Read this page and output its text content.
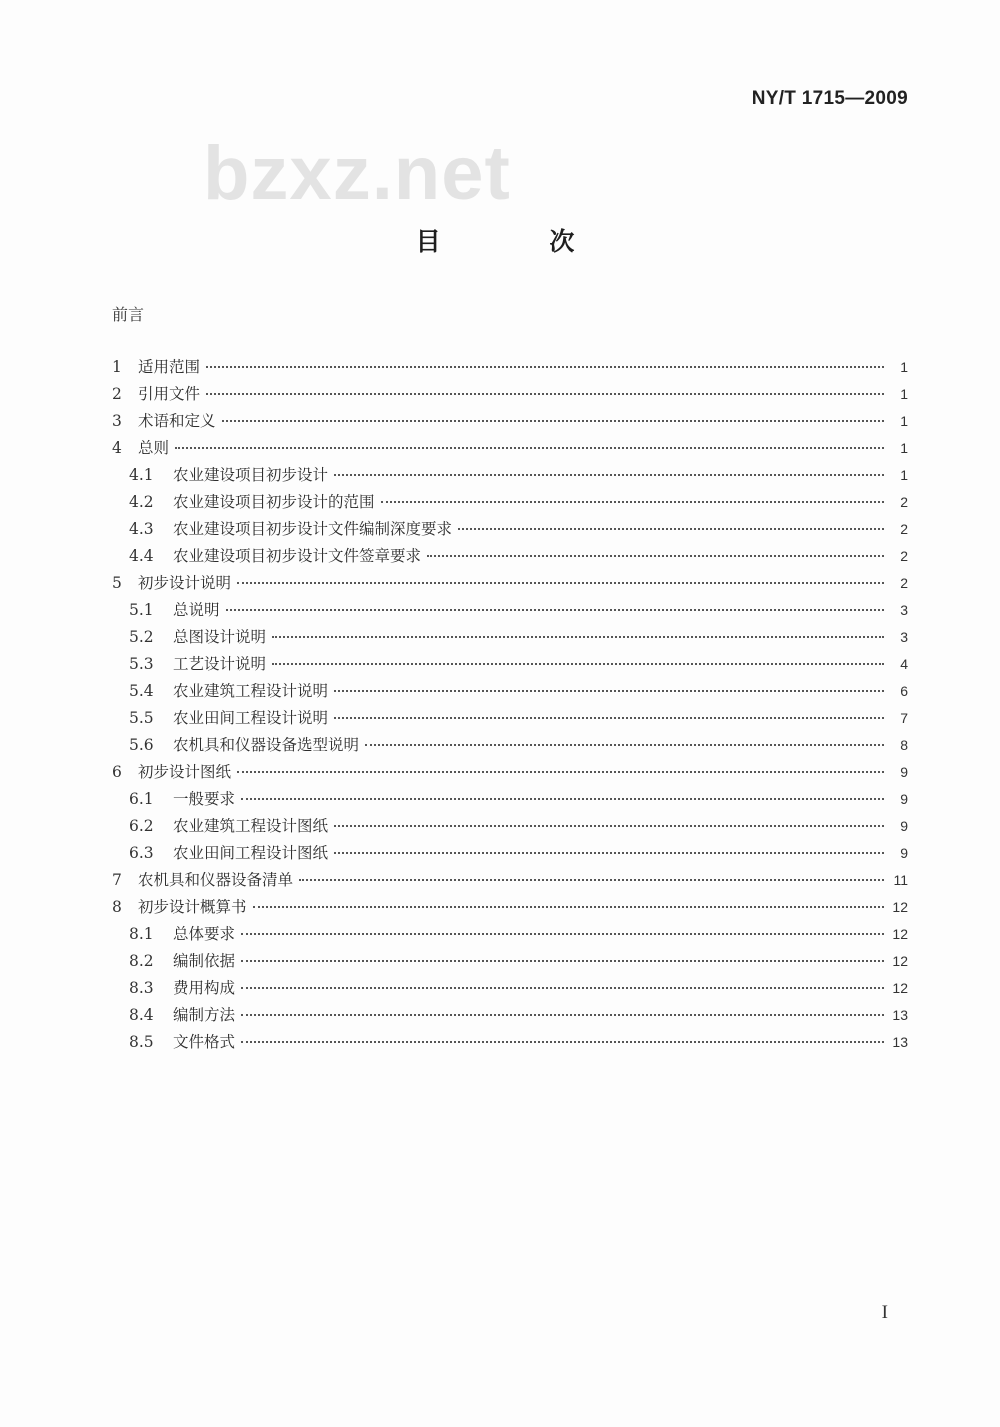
NY/T 1715—2009
bzxz.net
目 次
前言
1	适用范围	1
2	引用文件	1
3	术语和定义	1
4	总则	1
4.1	农业建设项目初步设计	1
4.2	农业建设项目初步设计的范围	2
4.3	农业建设项目初步设计文件编制深度要求	2
4.4	农业建设项目初步设计文件签章要求	2
5	初步设计说明	2
5.1	总说明	3
5.2	总图设计说明	3
5.3	工艺设计说明	4
5.4	农业建筑工程设计说明	6
5.5	农业田间工程设计说明	7
5.6	农机具和仪器设备选型说明	8
6	初步设计图纸	9
6.1	一般要求	9
6.2	农业建筑工程设计图纸	9
6.3	农业田间工程设计图纸	9
7	农机具和仪器设备清单	11
8	初步设计概算书	12
8.1	总体要求	12
8.2	编制依据	12
8.3	费用构成	12
8.4	编制方法	13
8.5	文件格式	13
I
